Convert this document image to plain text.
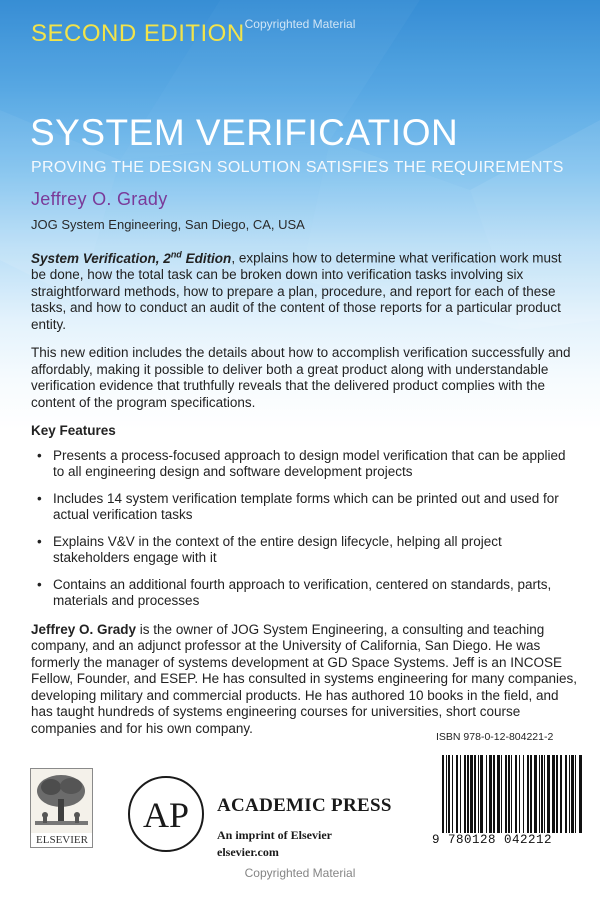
Copyrighted Material
SECOND EDITION
SYSTEM VERIFICATION
PROVING THE DESIGN SOLUTION SATISFIES THE REQUIREMENTS
Jeffrey O. Grady
JOG System Engineering, San Diego, CA, USA

System Verification, 2nd Edition, explains how to determine what verification work must be done, how the total task can be broken down into verification tasks involving six straightforward methods, how to prepare a plan, procedure, and report for each of these tasks, and how to conduct an audit of the content of those reports for a particular product entity.

This new edition includes the details about how to accomplish verification successfully and affordably, making it possible to deliver both a great product along with understandable verification evidence that truthfully reveals that the delivered product complies with the content of the program specifications.

Key Features
• Presents a process-focused approach to design model verification that can be applied to all engineering design and software development projects
• Includes 14 system verification template forms which can be printed out and used for actual verification tasks
• Explains V&V in the context of the entire design lifecycle, helping all project stakeholders engage with it
• Contains an additional fourth approach to verification, centered on standards, parts, materials and processes

Jeffrey O. Grady is the owner of JOG System Engineering, a consulting and teaching company, and an adjunct professor at the University of California, San Diego. He was formerly the manager of systems development at GD Space Systems. Jeff is an INCOSE Fellow, Founder, and ESEP. He has consulted in systems engineering for many companies, developing military and commercial products. He has authored 10 books in the field, and has taught hundreds of systems engineering courses for universities, short course companies and for his own company.

ISBN 978-0-12-804221-2
9 780128 042212
ELSEVIER
AP ACADEMIC PRESS
An imprint of Elsevier
elsevier.com
Copyrighted Material
